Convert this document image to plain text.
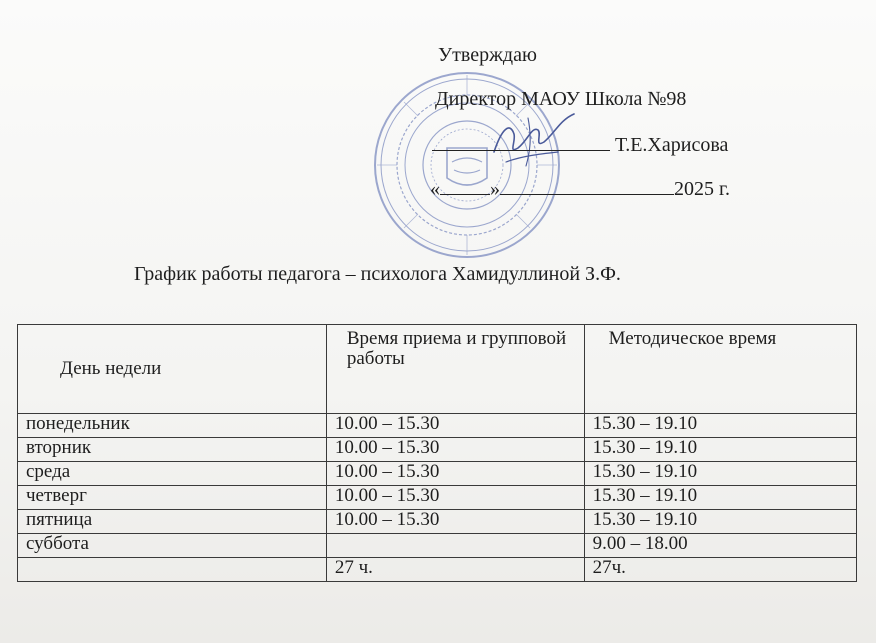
Утверждаю
Директор МАОУ Школа №98
Т.Е.Харисова
«	»	2025 г.
График работы педагога – психолога Хамидуллиной З.Ф.
День недели	Время приема и групповой работы	Методическое время
понедельник	10.00 – 15.30	15.30 – 19.10
вторник	10.00 – 15.30	15.30 – 19.10
среда	10.00 – 15.30	15.30 – 19.10
четверг	10.00 – 15.30	15.30 – 19.10
пятница	10.00 – 15.30	15.30 – 19.10
суббота		9.00 – 18.00
	27 ч.	27ч.
